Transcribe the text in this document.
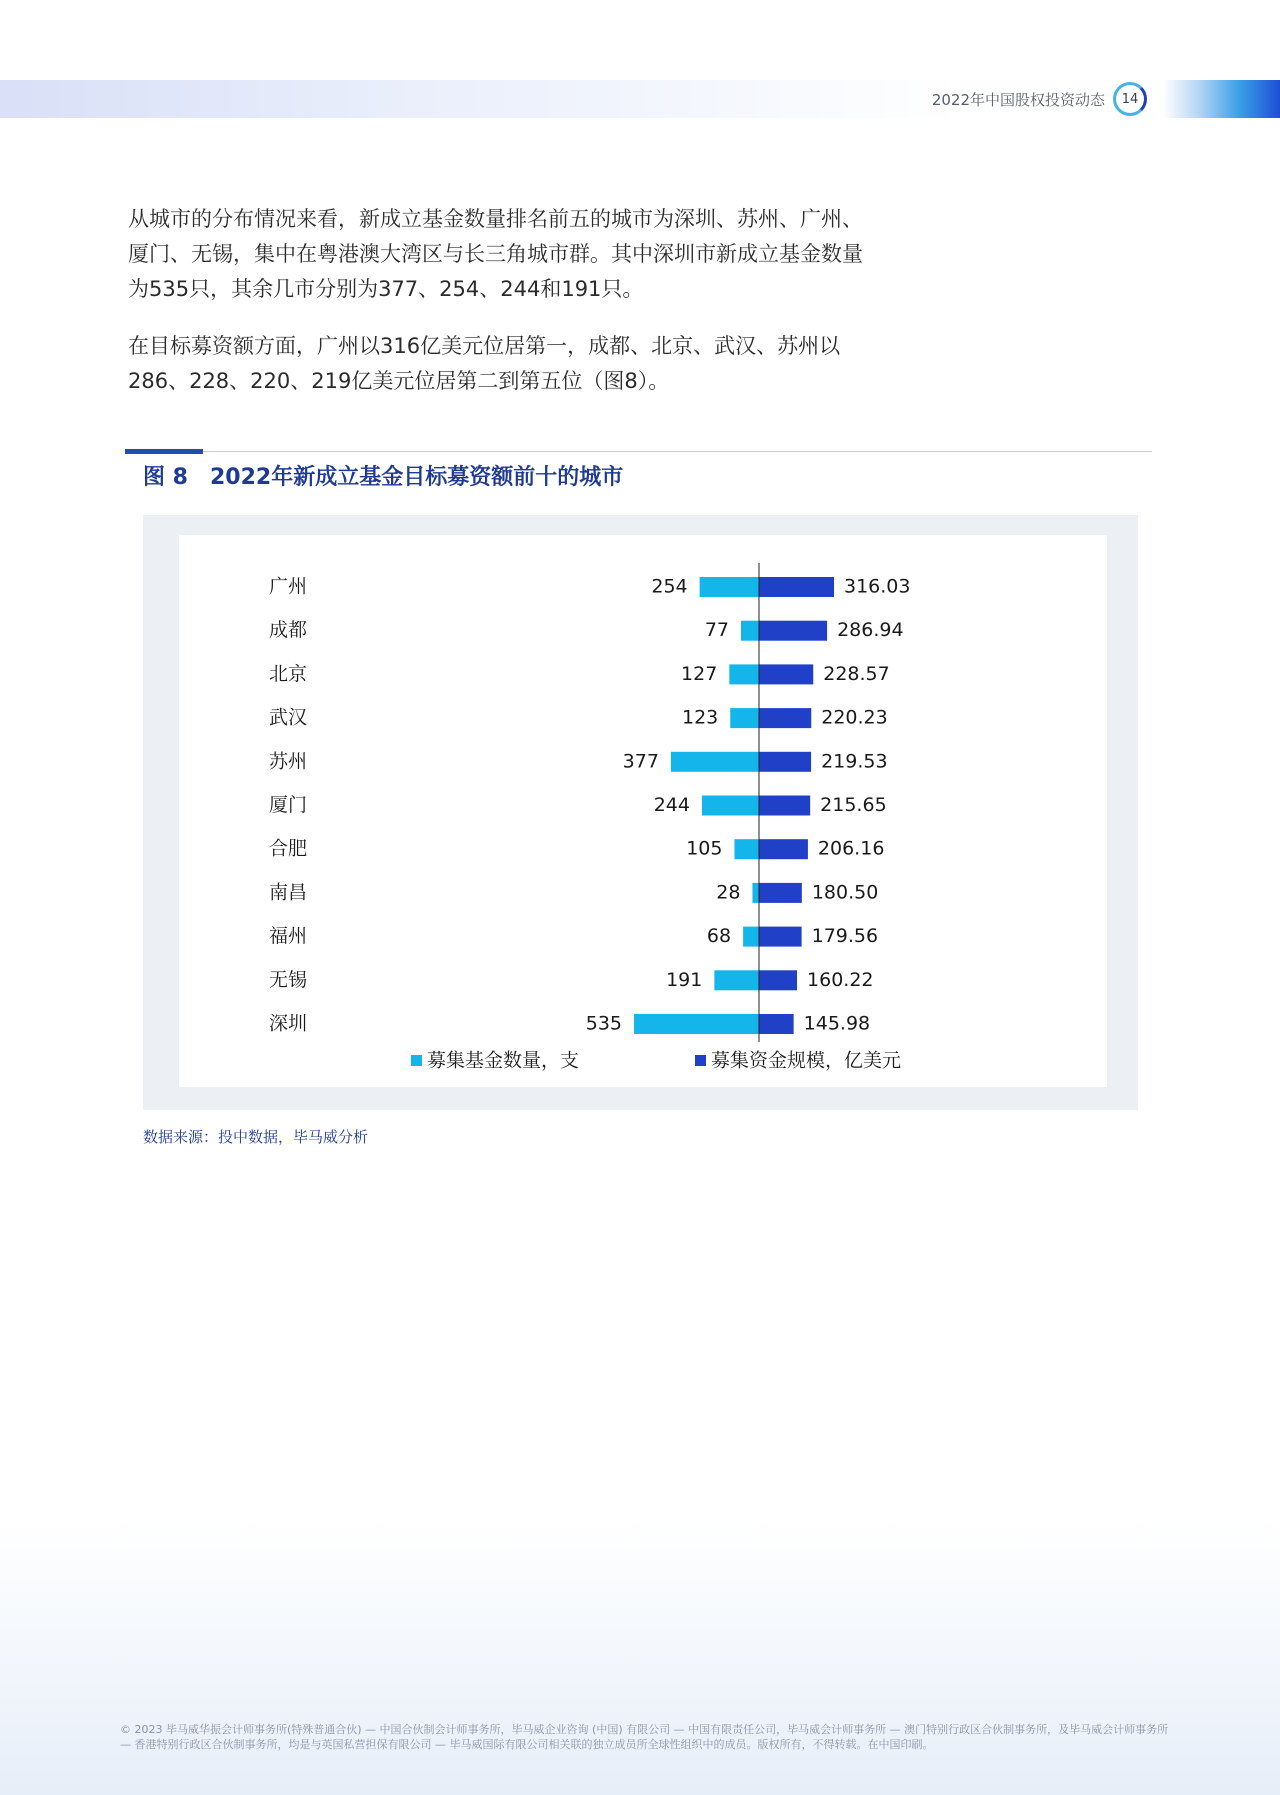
2022年中国股权投资动态	14

从城市的分布情况来看，新成立基金数量排名前五的城市为深圳、苏州、广州、厦门、无锡，集中在粤港澳大湾区与长三角城市群。其中深圳市新成立基金数量为535只，其余几市分别为377、254、244和191只。

在目标募资额方面，广州以316亿美元位居第一，成都、北京、武汉、苏州以286、228、220、219亿美元位居第二到第五位（图8）。

图 8 2022年新成立基金目标募资额前十的城市
广州	254	316.03
成都	77	286.94
北京	127	228.57
武汉	123	220.23
苏州	377	219.53
厦门	244	215.65
合肥	105	206.16
南昌	28	180.50
福州	68	179.56
无锡	191	160.22
深圳	535	145.98
募集基金数量，支	募集资金规模，亿美元
数据来源：投中数据，毕马威分析

© 2023 毕马威华振会计师事务所(特殊普通合伙) — 中国合伙制会计师事务所，毕马威企业咨询 (中国) 有限公司 — 中国有限责任公司，毕马威会计师事务所 — 澳门特别行政区合伙制事务所，及毕马威会计师事务所 — 香港特别行政区合伙制事务所，均是与英国私营担保有限公司 — 毕马威国际有限公司相关联的独立成员所全球性组织中的成员。版权所有，不得转载。在中国印刷。
